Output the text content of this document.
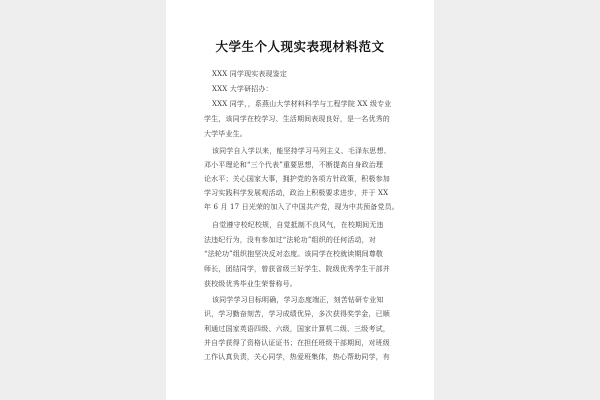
大学生个人现实表现材料范文
XXX 同学现实表现鉴定
XXX 大学研招办：
XXX 同学，，系燕山大学材料科学与工程学院 XX 级专业
学生，该同学在校学习、生活期间表现良好，是一名优秀的
大学毕业生。
该同学自入学以来，能坚持学习马列主义、毛泽东思想、
邓小平理论和“三个代表”重要思想，不断提高自身政治理
论水平；关心国家大事，拥护党的各项方针政策，积极参加
学习实践科学发展观活动，政治上积极要求进步，并于 XX
年 6 月 17 日光荣的加入了中国共产党，现为中共预备党员。
自觉遵守校纪校规，自觉抵制不良风气，在校期间无违
法违纪行为，没有参加过“法轮功”组织的任何活动，对
“法轮功”组织抱坚决反对态度。该同学在校就读期间尊敬
师长，团结同学，曾获省级三好学生、院级优秀学生干部并
获校级优秀毕业生荣誉称号。
该同学学习目标明确，学习态度端正，刻苦钻研专业知
识，学习勤奋刻苦，学习成绩优异，多次获得奖学金，已顺
利通过国家英语四级、六级，国家计算机二级、三级考试，
并自学获得了资格认证证书；在担任班级干部期间，对班级
工作认真负责，关心同学，热爱班集体，热心帮助同学，有
